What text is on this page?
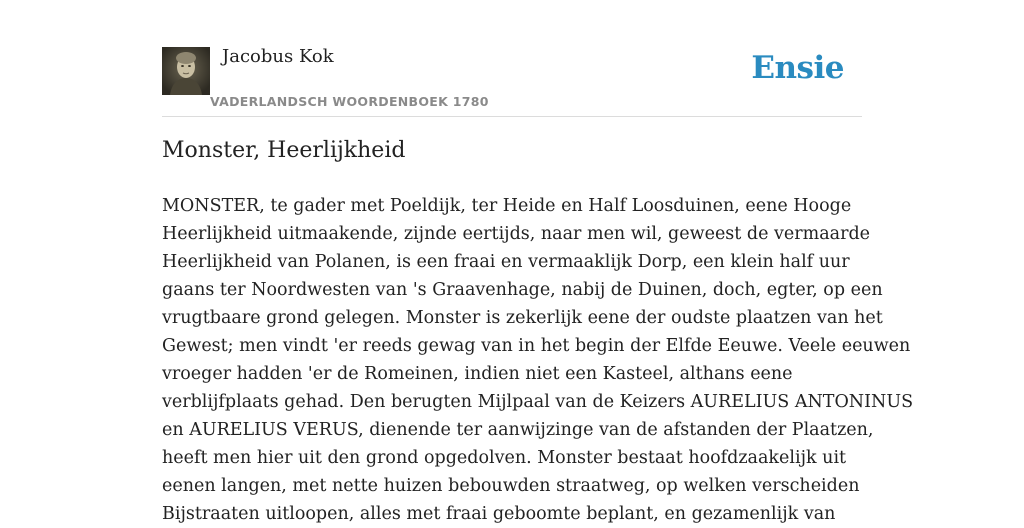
Jacobus Kok
VADERLANDSCH WOORDENBOEK 1780
Ensie
Monster, Heerlijkheid

MONSTER, te gader met Poeldijk, ter Heide en Half Loosduinen, eene Hooge
Heerlijkheid uitmaakende, zijnde eertijds, naar men wil, geweest de vermaarde
Heerlijkheid van Polanen, is een fraai en vermaaklijk Dorp, een klein half uur
gaans ter Noordwesten van 's Graavenhage, nabij de Duinen, doch, egter, op een
vrugtbaare grond gelegen. Monster is zekerlijk eene der oudste plaatzen van het
Gewest; men vindt 'er reeds gewag van in het begin der Elfde Eeuwe. Veele eeuwen
vroeger hadden 'er de Romeinen, indien niet een Kasteel, althans eene
verblijfplaats gehad. Den berugten Mijlpaal van de Keizers AURELIUS ANTONINUS
en AURELIUS VERUS, dienende ter aanwijzinge van de afstanden der Plaatzen,
heeft men hier uit den grond opgedolven. Monster bestaat hoofdzaakelijk uit
eenen langen, met nette huizen bebouwden straatweg, op welken verscheiden
Bijstraaten uitloopen, alles met fraai geboomte beplant, en gezamenlijk van
